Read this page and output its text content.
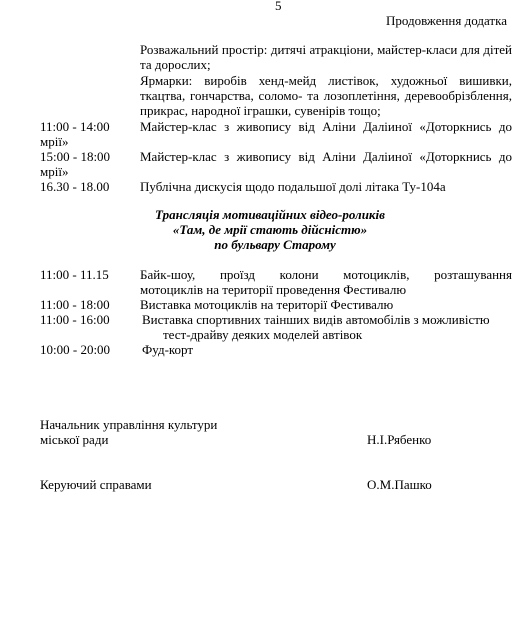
5
Продовження додатка
Розважальний простір: дитячі атракціони, майстер-класи для дітей
та дорослих;
Ярмарки: виробів хенд-мейд листівок, художньої вишивки,
ткацтва, гончарства, соломо- та лозоплетіння, деревообрізблення,
прикрас, народної іграшки, сувенірів тощо;
11:00 - 14:00 Майстер-клас з живопису від Аліни Даліиної «Доторкнись до
мрії»
15:00 - 18:00 Майстер-клас з живопису від Аліни Даліиної «Доторкнись до
мрії»
16.30 - 18.00 Публічна дискусія щодо подальшої долі літака Ту-104а
Трансляція мотиваційних відео-роликів
«Там, де мрії стають дійсністю»
по бульвару Старому
11:00 - 11.15 Байк-шоу, проїзд колони мотоциклів, розташування
мотоциклів на території проведення Фестивалю
11:00 - 18:00 Виставка мотоциклів на території Фестивалю
11:00 - 16:00 Виставка спортивних тaінших видів автомобілів з можливістю
тест-драйву деяких моделей автівок
10:00 - 20:00 Фуд-корт
Начальник управління культури
міської ради	Н.І.Рябенко
Керуючий справами	О.М.Пашко
